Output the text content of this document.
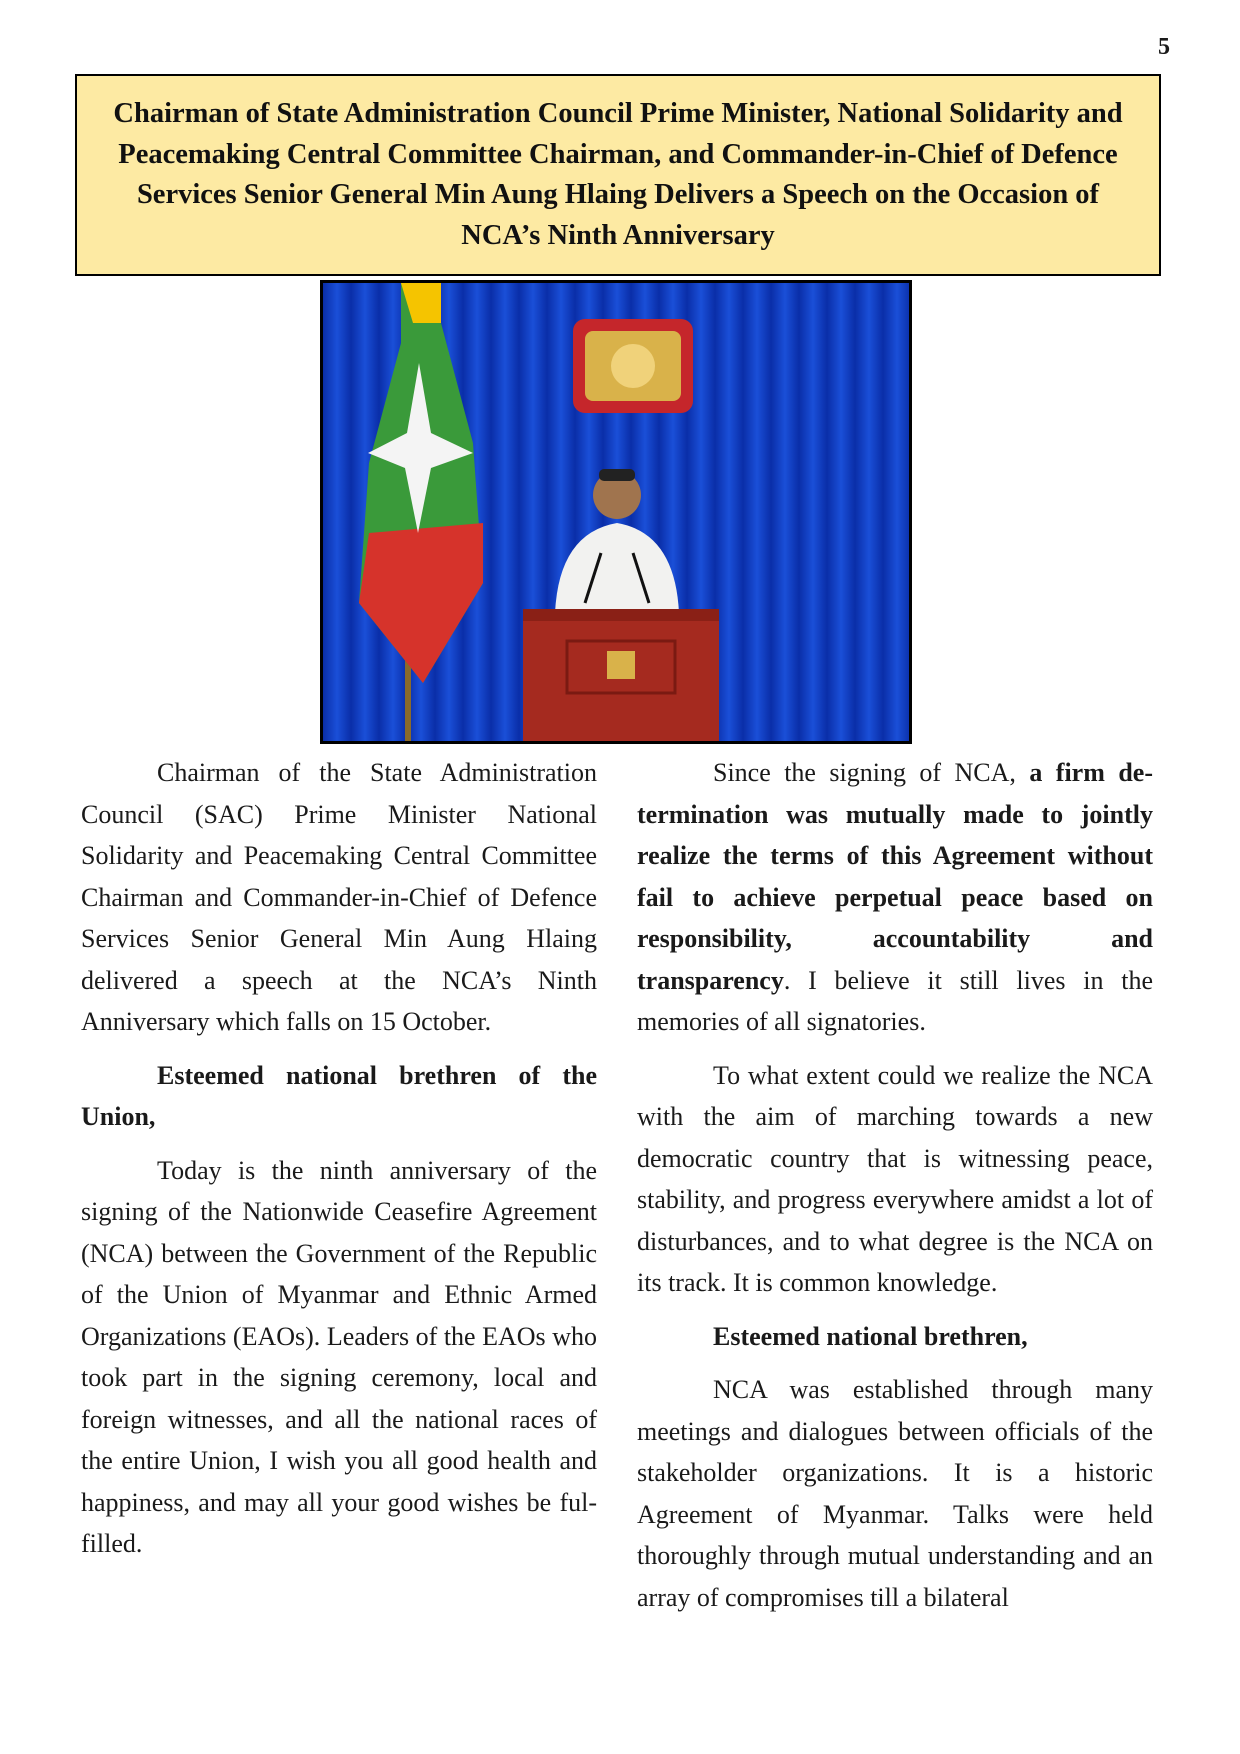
5
Chairman of State Administration Council Prime Minister, National Solidarity and Peacemaking Central Committee Chairman, and Commander-in-Chief of Defence Services Senior General Min Aung Hlaing Delivers a Speech on the Occasion of NCA’s Ninth Anniversary

Chairman of the State Administration Council (SAC) Prime Minister National Solidarity and Peacemaking Central Committee Chairman and Commander-in-Chief of Defence Services Senior General Min Aung Hlaing delivered a speech at the NCA’s Ninth Anniversary which falls on 15 October.

Esteemed national brethren of the Union,

Today is the ninth anniversary of the signing of the Nationwide Ceasefire Agreement (NCA) between the Government of the Republic of the Union of Myanmar and Ethnic Armed Organizations (EAOs). Leaders of the EAOs who took part in the signing ceremony, local and foreign witnesses, and all the national races of the entire Union, I wish you all good health and happiness, and may all your good wishes be fulfilled.

Since the signing of NCA, a firm determination was mutually made to jointly realize the terms of this Agreement without fail to achieve perpetual peace based on responsibility, accountability and transparency. I believe it still lives in the memories of all signatories.

To what extent could we realize the NCA with the aim of marching towards a new democratic country that is witnessing peace, stability, and progress everywhere amidst a lot of disturbances, and to what degree is the NCA on its track. It is common knowledge.

Esteemed national brethren,

NCA was established through many meetings and dialogues between officials of the stakeholder organizations. It is a historic Agreement of Myanmar. Talks were held thoroughly through mutual understanding and an array of compromises till a bilateral
